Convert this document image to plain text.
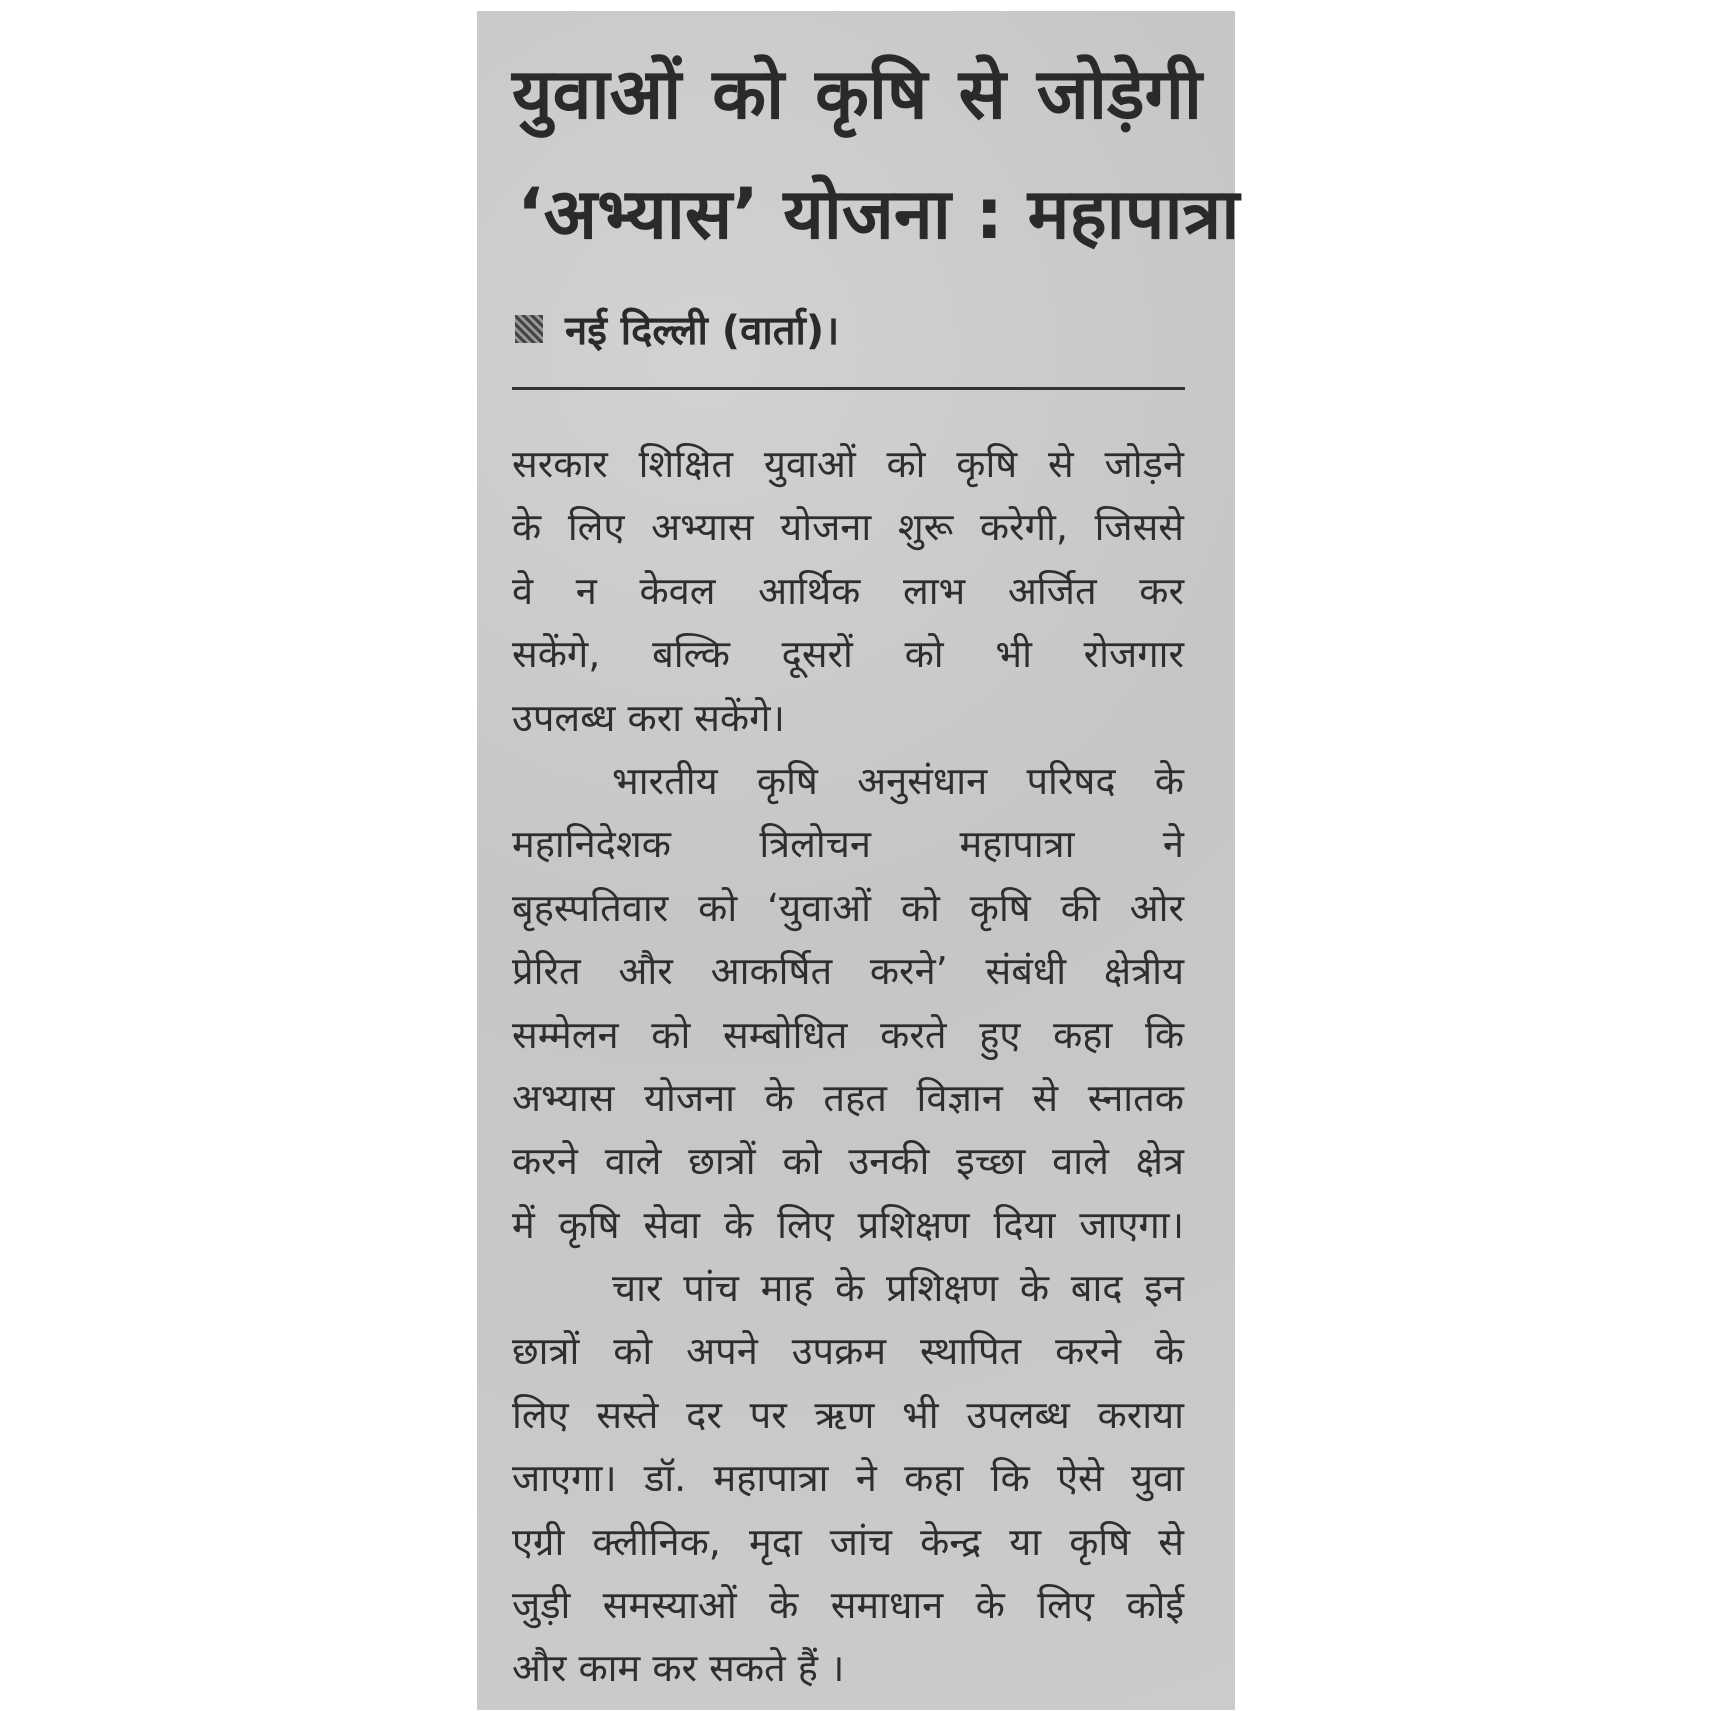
युवाओं को कृषि से जोड़ेगी
‘अभ्यास’ योजना : महापात्रा
नई दिल्ली (वार्ता)।
सरकार शिक्षित युवाओं को कृषि से जोड़ने
के लिए अभ्यास योजना शुरू करेगी, जिससे
वे न केवल आर्थिक लाभ अर्जित कर
सकेंगे, बल्कि दूसरों को भी रोजगार
उपलब्ध करा सकेंगे।
भारतीय कृषि अनुसंधान परिषद के
महानिदेशक त्रिलोचन महापात्रा ने
बृहस्पतिवार को ‘युवाओं को कृषि की ओर
प्रेरित और आकर्षित करने’ संबंधी क्षेत्रीय
सम्मेलन को सम्बोधित करते हुए कहा कि
अभ्यास योजना के तहत विज्ञान से स्नातक
करने वाले छात्रों को उनकी इच्छा वाले क्षेत्र
में कृषि सेवा के लिए प्रशिक्षण दिया जाएगा।
चार पांच माह के प्रशिक्षण के बाद इन
छात्रों को अपने उपक्रम स्थापित करने के
लिए सस्ते दर पर ऋण भी उपलब्ध कराया
जाएगा। डॉ. महापात्रा ने कहा कि ऐसे युवा
एग्री क्लीनिक, मृदा जांच केन्द्र या कृषि से
जुड़ी समस्याओं के समाधान के लिए कोई
और काम कर सकते हैं ।
